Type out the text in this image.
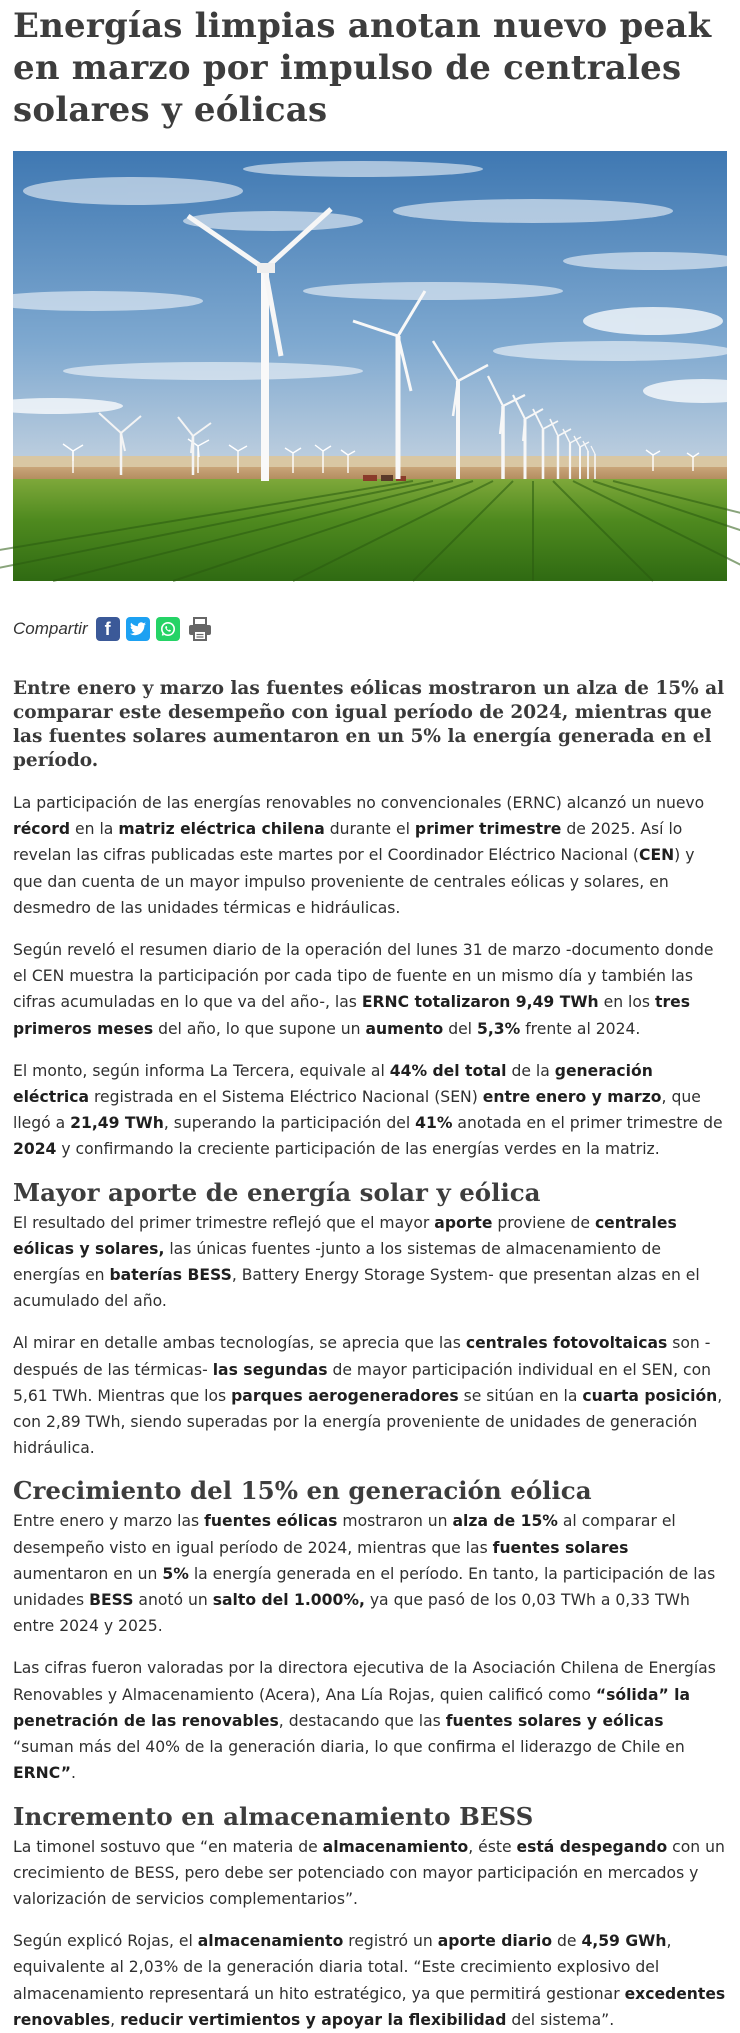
Energías limpias anotan nuevo peak en marzo por impulso de centrales solares y eólicas
Compartir f

Entre enero y marzo las fuentes eólicas mostraron un alza de 15% al comparar este desempeño con igual período de 2024, mientras que las fuentes solares aumentaron en un 5% la energía generada en el período.

La participación de las energías renovables no convencionales (ERNC) alcanzó un nuevo récord en la matriz eléctrica chilena durante el primer trimestre de 2025. Así lo revelan las cifras publicadas este martes por el Coordinador Eléctrico Nacional (CEN) y que dan cuenta de un mayor impulso proveniente de centrales eólicas y solares, en desmedro de las unidades térmicas e hidráulicas.

Según reveló el resumen diario de la operación del lunes 31 de marzo -documento donde el CEN muestra la participación por cada tipo de fuente en un mismo día y también las cifras acumuladas en lo que va del año-, las ERNC totalizaron 9,49 TWh en los tres primeros meses del año, lo que supone un aumento del 5,3% frente al 2024.

El monto, según informa La Tercera, equivale al 44% del total de la generación eléctrica registrada en el Sistema Eléctrico Nacional (SEN) entre enero y marzo, que llegó a 21,49 TWh, superando la participación del 41% anotada en el primer trimestre de 2024 y confirmando la creciente participación de las energías verdes en la matriz.

Mayor aporte de energía solar y eólica

El resultado del primer trimestre reflejó que el mayor aporte proviene de centrales eólicas y solares, las únicas fuentes -junto a los sistemas de almacenamiento de energías en baterías BESS, Battery Energy Storage System- que presentan alzas en el acumulado del año.

Al mirar en detalle ambas tecnologías, se aprecia que las centrales fotovoltaicas son -después de las térmicas- las segundas de mayor participación individual en el SEN, con 5,61 TWh. Mientras que los parques aerogeneradores se sitúan en la cuarta posición, con 2,89 TWh, siendo superadas por la energía proveniente de unidades de generación hidráulica.

Crecimiento del 15% en generación eólica

Entre enero y marzo las fuentes eólicas mostraron un alza de 15% al comparar el desempeño visto en igual período de 2024, mientras que las fuentes solares aumentaron en un 5% la energía generada en el período. En tanto, la participación de las unidades BESS anotó un salto del 1.000%, ya que pasó de los 0,03 TWh a 0,33 TWh entre 2024 y 2025.

Las cifras fueron valoradas por la directora ejecutiva de la Asociación Chilena de Energías Renovables y Almacenamiento (Acera), Ana Lía Rojas, quien calificó como “sólida” la penetración de las renovables, destacando que las fuentes solares y eólicas “suman más del 40% de la generación diaria, lo que confirma el liderazgo de Chile en ERNC”.

Incremento en almacenamiento BESS

La timonel sostuvo que “en materia de almacenamiento, éste está despegando con un crecimiento de BESS, pero debe ser potenciado con mayor participación en mercados y valorización de servicios complementarios”.

Según explicó Rojas, el almacenamiento registró un aporte diario de 4,59 GWh, equivalente al 2,03% de la generación diaria total. “Este crecimiento explosivo del almacenamiento representará un hito estratégico, ya que permitirá gestionar excedentes renovables, reducir vertimientos y apoyar la flexibilidad del sistema”.
